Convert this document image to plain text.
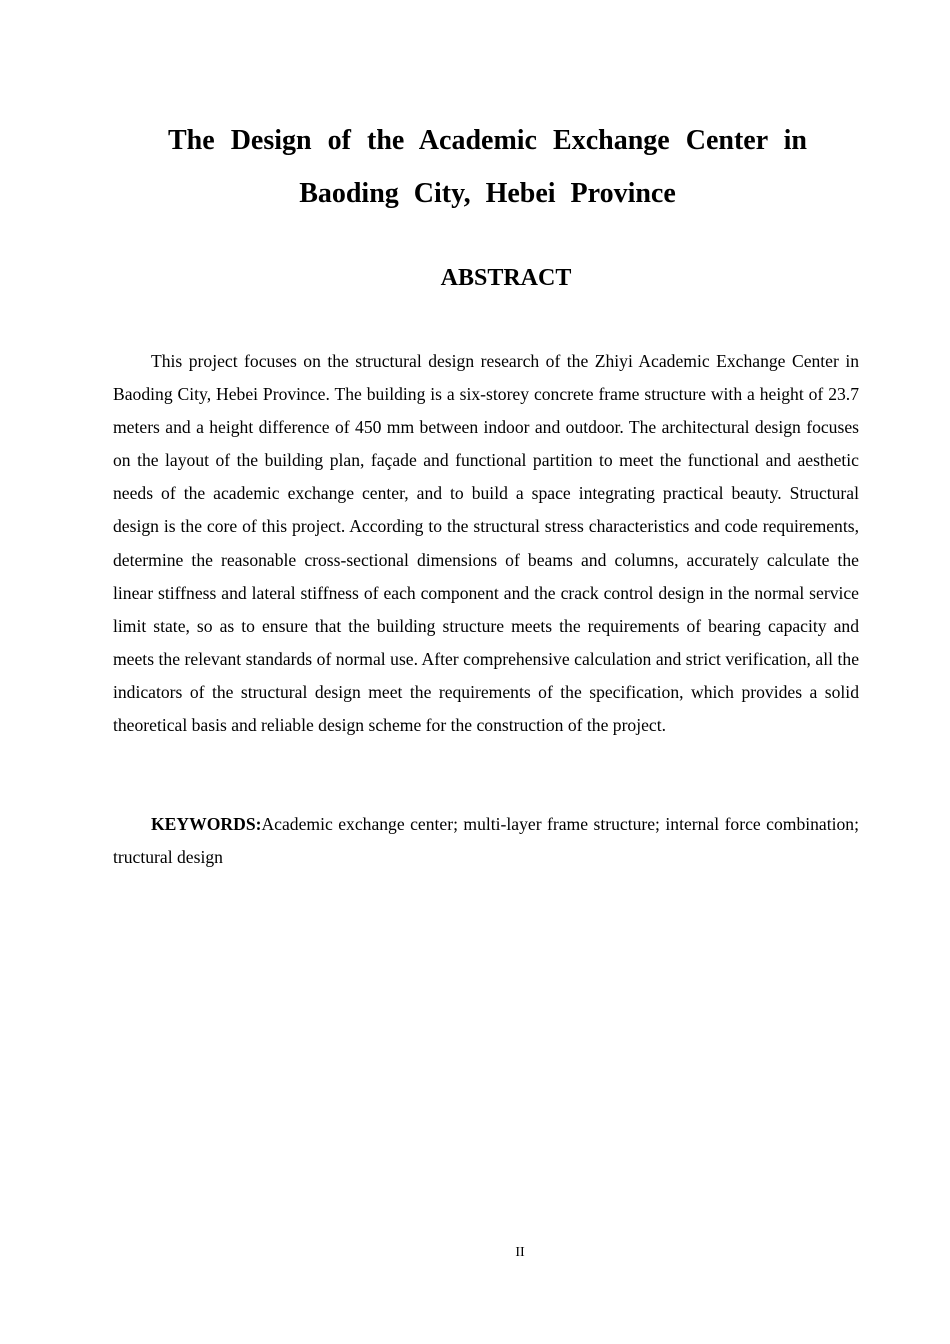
The Design of the Academic Exchange Center in
Baoding City, Hebei Province
ABSTRACT

This project focuses on the structural design research of the Zhiyi Academic Exchange Center in Baoding City, Hebei Province. The building is a six-storey concrete frame structure with a height of 23.7 meters and a height difference of 450 mm between indoor and outdoor. The architectural design focuses on the layout of the building plan, façade and functional partition to meet the functional and aesthetic needs of the academic exchange center, and to build a space integrating practical beauty. Structural design is the core of this project. According to the structural stress characteristics and code requirements, determine the reasonable cross-sectional dimensions of beams and columns, accurately calculate the linear stiffness and lateral stiffness of each component and the crack control design in the normal service limit state, so as to ensure that the building structure meets the requirements of bearing capacity and meets the relevant standards of normal use. After comprehensive calculation and strict verification, all the indicators of the structural design meet the requirements of the specification, which provides a solid theoretical basis and reliable design scheme for the construction of the project.

KEYWORDS:Academic exchange center; multi-layer frame structure; internal force combination; tructural design

II
